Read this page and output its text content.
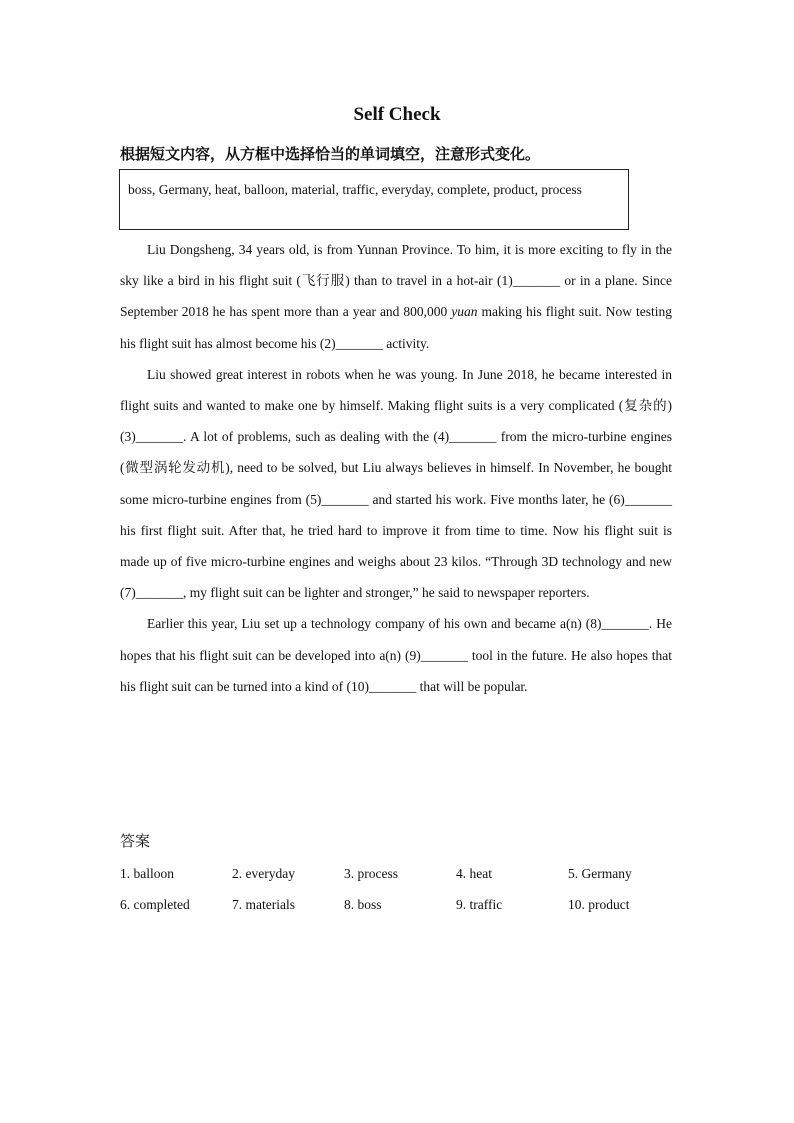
Self Check
根据短文内容，从方框中选择恰当的单词填空，注意形式变化。
boss, Germany, heat, balloon, material, traffic, everyday, complete, product, process

Liu Dongsheng, 34 years old, is from Yunnan Province. To him, it is more exciting to fly in the sky like a bird in his flight suit (飞行服) than to travel in a hot-air (1)_______ or in a plane. Since September 2018 he has spent more than a year and 800,000 yuan making his flight suit. Now testing his flight suit has almost become his (2)_______ activity.

Liu showed great interest in robots when he was young. In June 2018, he became interested in flight suits and wanted to make one by himself. Making flight suits is a very complicated (复杂的) (3)_______. A lot of problems, such as dealing with the (4)_______ from the micro-turbine engines (微型涡轮发动机), need to be solved, but Liu always believes in himself. In November, he bought some micro-turbine engines from (5)_______ and started his work. Five months later, he (6)_______ his first flight suit. After that, he tried hard to improve it from time to time. Now his flight suit is made up of five micro-turbine engines and weighs about 23 kilos. “Through 3D technology and new (7)_______, my flight suit can be lighter and stronger,” he said to newspaper reporters.

Earlier this year, Liu set up a technology company of his own and became a(n) (8)_______. He hopes that his flight suit can be developed into a(n) (9)_______ tool in the future. He also hopes that his flight suit can be turned into a kind of (10)_______ that will be popular.

答案
1. balloon	2. everyday	3. process	4. heat	5. Germany
6. completed	7. materials	8. boss	9. traffic	10. product
